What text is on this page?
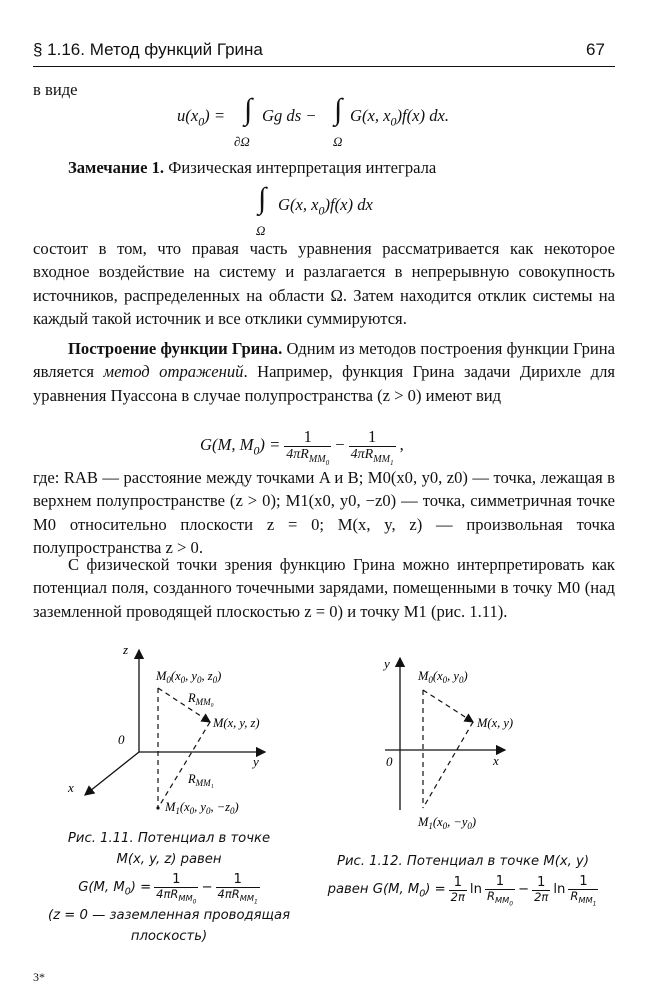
§ 1.16. Метод функций Грина	67
в виде
$u(x_0)$ = ∫ Gg ds −
∂Ω
∫ G(x, $x_0)f(x)$ dx.
Ω
Замечание 1. Физическая интерпретация интеграла
∫ G(x, $x_0)f(x)$ dx
Ω
состоит в том, что правая часть уравнения рассматривается как некоторое входное воздействие на систему и разлагается в непрерывную совокупность источников, распределенных на области Ω. Затем находится отклик системы на каждый такой источник и все отклики суммируются.
Построение функции Грина. Одним из методов построения функции Грина является метод отражений. Например, функция Грина задачи Дирихле для уравнения Пуассона в случае полупространства (z > 0) имеют вид
G(M, $M_0) = \frac{1}{4\pi R_{MM_0}} - \frac{1}{4\pi R_{MM_1}}$ ,
где: RAB — расстояние между точками A и B; M0(x0, y0, z0) — точка, лежащая в верхнем полупространстве (z > 0); M1(x0, y0, −z0) — точка, симметричная точке M0 относительно плоскости z = 0; M(x, y, z) — произвольная точка полупространства z > 0.
С физической точки зрения функцию Грина можно интерпретировать как потенциал поля, созданного точечными зарядами, помещенными в точку M0 (над заземленной проводящей плоскостью z = 0) и точку M1 (рис. 1.11).
z
y
x
0
$M_0(x_0$, $y_0$, $z_0$)
$R_{MM_0}$
M(x, y, z)
$R_{MM_1}$
$M_1(x_0$, $y_0$, $-z_0$)
Рис. 1.11. Потенциал в точке
M(x, y, z) равен
G(M, $M_0) = \frac{1}{4\pi R_{MM_0}} - \frac{1}{4\pi R_{MM_1}}$
(z = 0 — заземленная проводящая
плоскость)
y
x
0
$M_0(x_0$, $y_0$)
M(x, y)
$M_1(x_0$, $-y_0$)
Рис. 1.12. Потенциал в точке M(x, y)
равен G(M, $M_0) = \frac{1}{2\pi}$ $\ln \frac{1}{R_{MM_0}} - \frac{1}{2\pi}$ $\ln \frac{1}{R_{MM_1}}$
3*
